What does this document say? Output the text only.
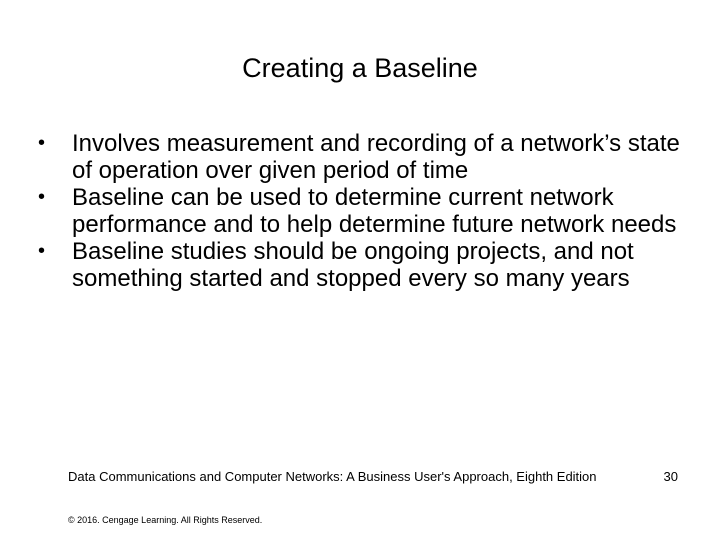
Creating a Baseline
•	Involves measurement and recording of a network’s state of operation over given period of time
•	Baseline can be used to determine current network performance and to help determine future network needs
•	Baseline studies should be ongoing projects, and not something started and stopped every so many years
Data Communications and Computer Networks: A Business User's Approach, Eighth Edition	30
© 2016. Cengage Learning. All Rights Reserved.
